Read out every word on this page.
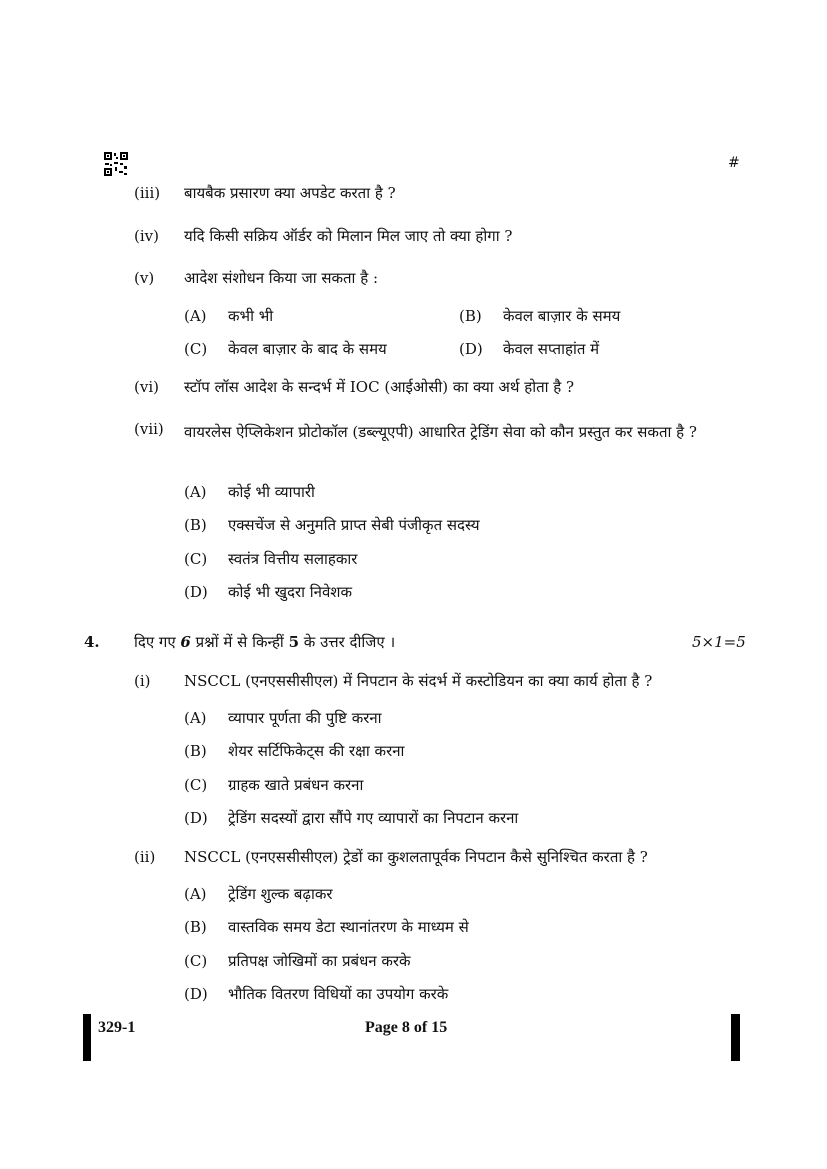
#
(iii) बायबैक प्रसारण क्या अपडेट करता है ?
(iv) यदि किसी सक्रिय ऑर्डर को मिलान मिल जाए तो क्या होगा ?
(v) आदेश संशोधन किया जा सकता है :
(A) कभी भी	(B) केवल बाज़ार के समय
(C) केवल बाज़ार के बाद के समय	(D) केवल सप्ताहांत में
(vi) स्टॉप लॉस आदेश के सन्दर्भ में IOC (आईओसी) का क्या अर्थ होता है ?
(vii) वायरलेस ऐप्लिकेशन प्रोटोकॉल (डब्ल्यूएपी) आधारित ट्रेडिंग सेवा को कौन प्रस्तुत कर सकता है ?
(A) कोई भी व्यापारी
(B) एक्सचेंज से अनुमति प्राप्त सेबी पंजीकृत सदस्य
(C) स्वतंत्र वित्तीय सलाहकार
(D) कोई भी खुदरा निवेशक
4. दिए गए 6 प्रश्नों में से किन्हीं 5 के उत्तर दीजिए ।	5×1=5
(i) NSCCL (एनएससीसीएल) में निपटान के संदर्भ में कस्टोडियन का क्या कार्य होता है ?
(A) व्यापार पूर्णता की पुष्टि करना
(B) शेयर सर्टिफिकेट्स की रक्षा करना
(C) ग्राहक खाते प्रबंधन करना
(D) ट्रेडिंग सदस्यों द्वारा सौंपे गए व्यापारों का निपटान करना
(ii) NSCCL (एनएससीसीएल) ट्रेडों का कुशलतापूर्वक निपटान कैसे सुनिश्चित करता है ?
(A) ट्रेडिंग शुल्क बढ़ाकर
(B) वास्तविक समय डेटा स्थानांतरण के माध्यम से
(C) प्रतिपक्ष जोखिमों का प्रबंधन करके
(D) भौतिक वितरण विधियों का उपयोग करके
329-1	Page 8 of 15
